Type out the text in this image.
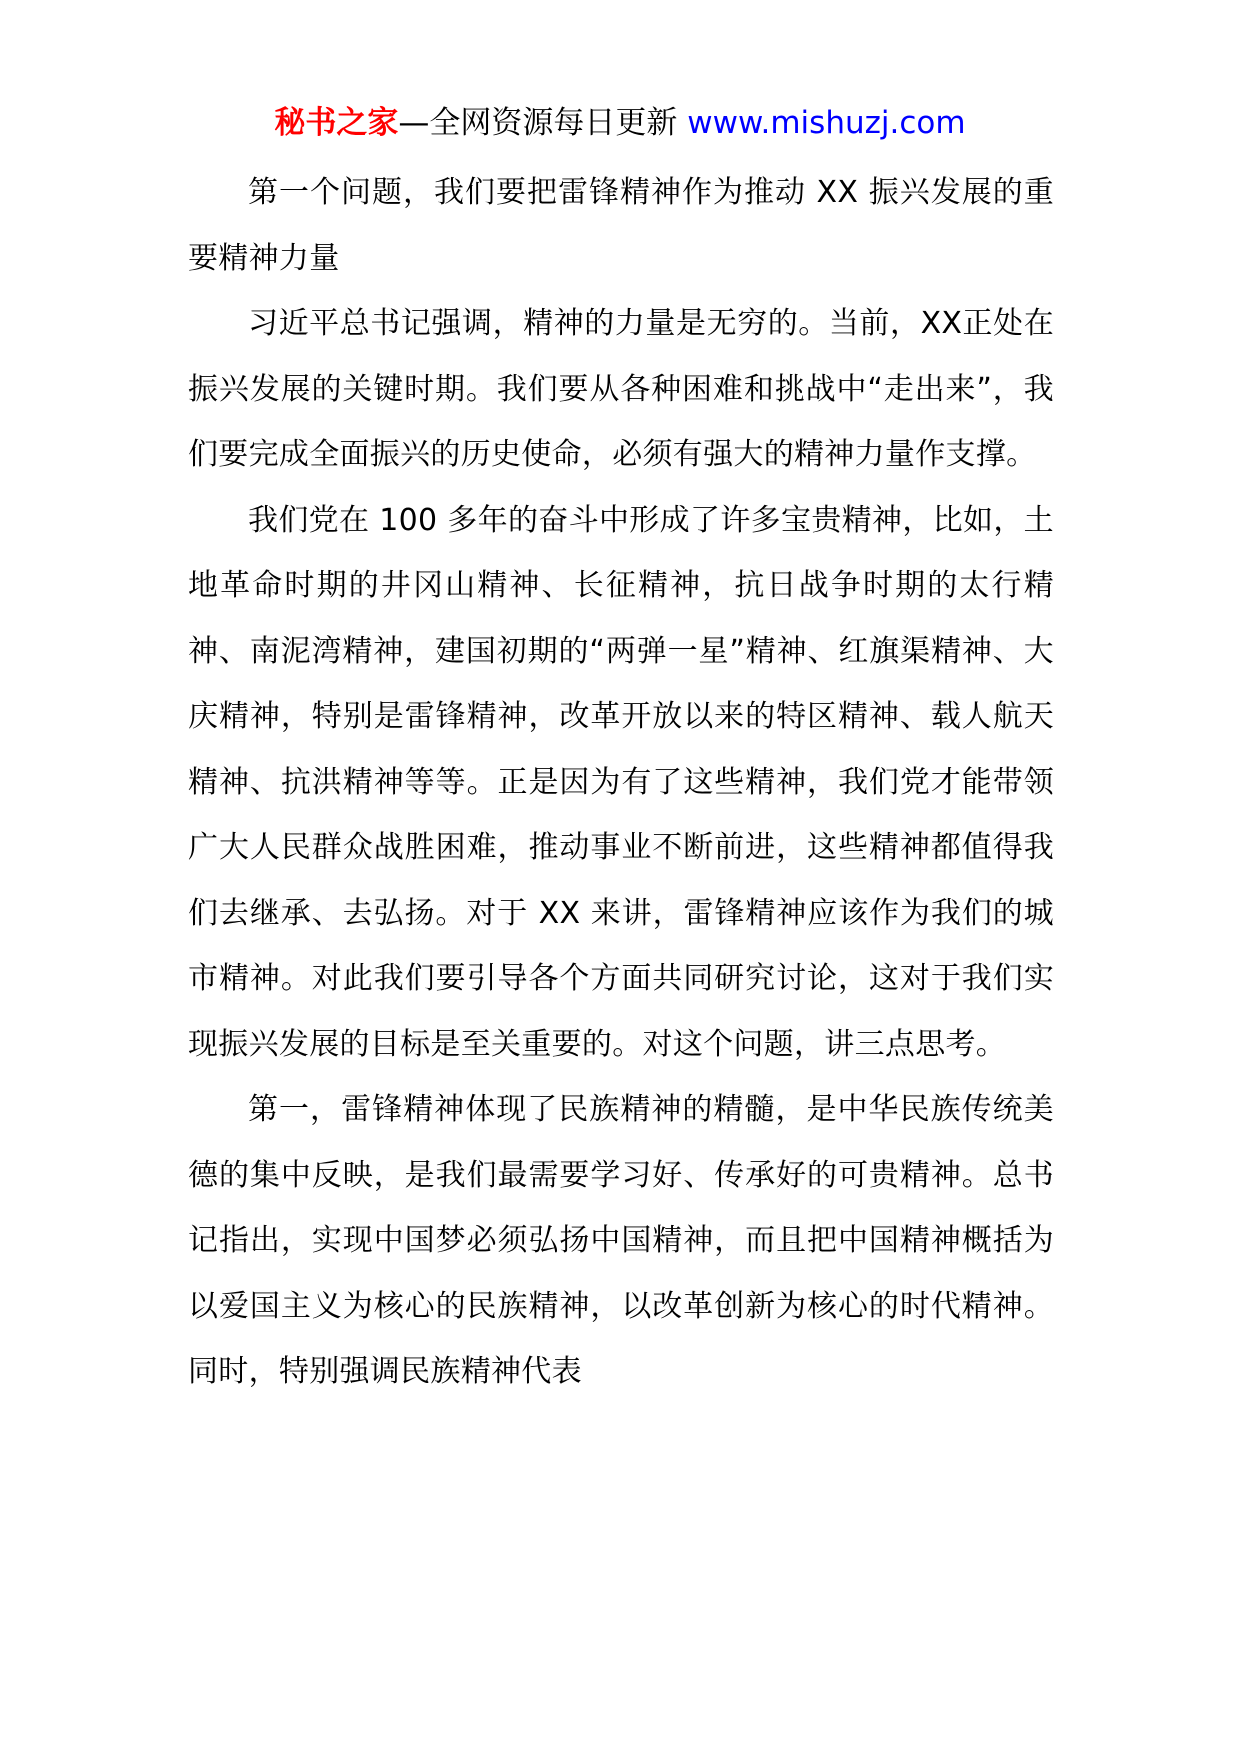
秘书之家—全网资源每日更新 www.mishuzj.com

第一个问题，我们要把雷锋精神作为推动 XX 振兴发展的重要精神力量

习近平总书记强调，精神的力量是无穷的。当前，XX正处在振兴发展的关键时期。我们要从各种困难和挑战中“走出来”，我们要完成全面振兴的历史使命，必须有强大的精神力量作支撑。

我们党在 100 多年的奋斗中形成了许多宝贵精神，比如，土地革命时期的井冈山精神、长征精神，抗日战争时期的太行精神、南泥湾精神，建国初期的“两弹一星”精神、红旗渠精神、大庆精神，特别是雷锋精神，改革开放以来的特区精神、载人航天精神、抗洪精神等等。正是因为有了这些精神，我们党才能带领广大人民群众战胜困难，推动事业不断前进，这些精神都值得我们去继承、去弘扬。对于 XX 来讲，雷锋精神应该作为我们的城市精神。对此我们要引导各个方面共同研究讨论，这对于我们实现振兴发展的目标是至关重要的。对这个问题，讲三点思考。

第一，雷锋精神体现了民族精神的精髓，是中华民族传统美德的集中反映，是我们最需要学习好、传承好的可贵精神。总书记指出，实现中国梦必须弘扬中国精神，而且把中国精神概括为以爱国主义为核心的民族精神，以改革创新为核心的时代精神。同时，特别强调民族精神代表
